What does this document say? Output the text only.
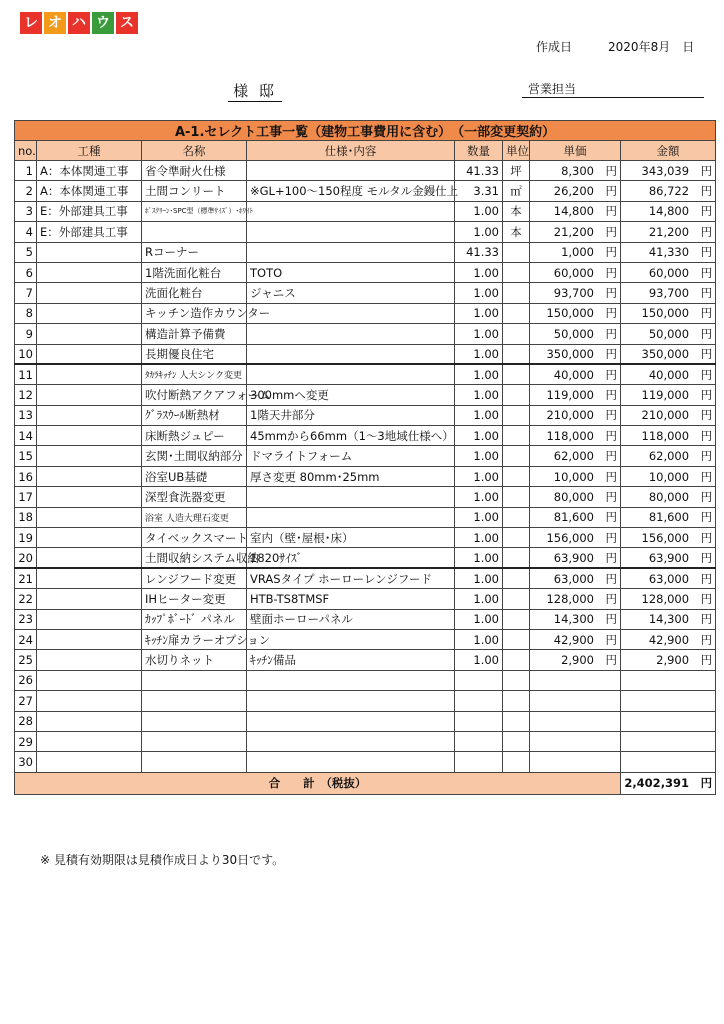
レ オ ハ ウ ス
作成日　　　	2020年8月　日
様 邸	営業担当
A-1.セレクト工事一覧（建物工事費用に含む）　（一部変更契約）							
no.	工種	名称	仕様･内容	数量	単位	単価	金額
1	A：本体関連工事	省令準耐火仕様		41.33	坪	8,300　 円	343,039　 円
2	A：本体関連工事	土間コンリート	※GL+100～150程度 モルタル金鏝仕上	3.31	㎡	26,200　 円	86,722　 円
3	E：外部建具工事	ﾎﾞｽｸﾘｰﾝ･SPC型（標準ｻｲｽﾞ）･ﾎﾜｲﾄ		1.00	本	14,800　 円	14,800　 円
4	E：外部建具工事			1.00	本	21,200　 円	21,200　 円
5		Rコーナー		41.33		1,000　 円	41,330　 円
6		1階洗面化粧台	TOTO	1.00		60,000　 円	60,000　 円
7		洗面化粧台	ジャニス	1.00		93,700　 円	93,700　 円
8		キッチン造作カウンター		1.00		150,000　 円	150,000　 円
9		構造計算予備費		1.00		50,000　 円	50,000　 円
10		長期優良住宅		1.00		350,000　 円	350,000　 円
11		ﾀｶﾗｷｯﾁﾝ 人大シンク変更		1.00		40,000　 円	40,000　 円
12		吹付断熱アクアフォーム	300mmへ変更	1.00		119,000　 円	119,000　 円
13		ｸﾞﾗｽｳｰﾙ断熱材	1階天井部分	1.00		210,000　 円	210,000　 円
14		床断熱ジュピー	45mmから66mm（1～3地域仕様へ）	1.00		118,000　 円	118,000　 円
15		玄関･土間収納部分	ドマライトフォーム	1.00		62,000　 円	62,000　 円
16		浴室UB基礎	厚さ変更 80mm･25mm	1.00		10,000　 円	10,000　 円
17		深型食洗器変更		1.00		80,000　 円	80,000　 円
18		浴室 人造大理石変更		1.00		81,600　 円	81,600　 円
19		タイベックスマート	室内（壁･屋根･床）	1.00		156,000　 円	156,000　 円
20		土間収納システム収納	1820ｻｲｽﾞ	1.00		63,900　 円	63,900　 円
21		レンジフード変更	VRASタイプ ホーローレンジフード	1.00		63,000　 円	63,000　 円
22		IHヒーター変更	HTB-TS8TMSF	1.00		128,000　 円	128,000　 円
23		ｶｯﾌﾟﾎﾞｰﾄﾞ パネル	壁面ホーローパネル	1.00		14,300　 円	14,300　 円
24		ｷｯﾁﾝ扉カラーオプション		1.00		42,900　 円	42,900　 円
25		水切りネット	ｷｯﾁﾝ備品	1.00		2,900　 円	2,900　 円
26						　	　
27						　	　
28						　	　
29						　	　
30						　	　
合　　計　（税抜）							2,402,391　 円
※ 見積有効期限は見積作成日より30日です。
